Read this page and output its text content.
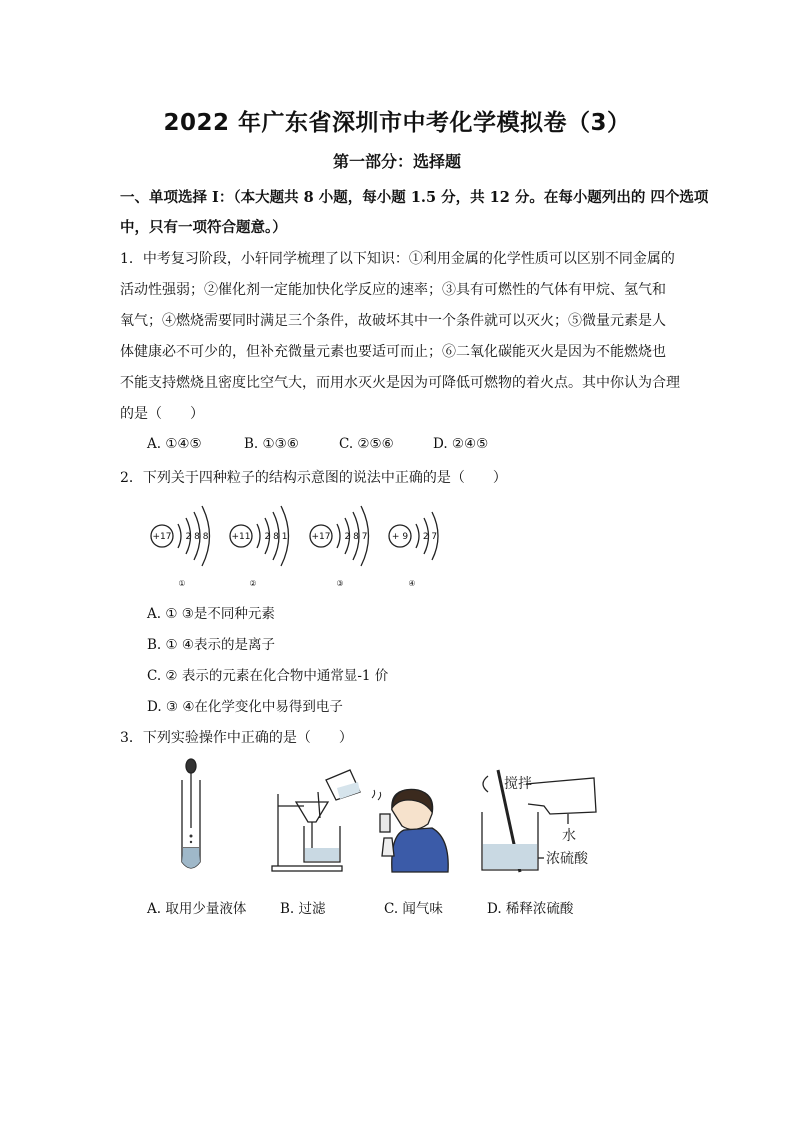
2022 年广东省深圳市中考化学模拟卷（3）
第一部分：选择题
一、单项选择 I：（本大题共 8 小题，每小题 1.5 分，共 12 分。在每小题列出的 四个选项
中，只有一项符合题意。）
1．中考复习阶段，小轩同学梳理了以下知识：①利用金属的化学性质可以区别不同金属的
活动性强弱；②催化剂一定能加快化学反应的速率；③具有可燃性的气体有甲烷、氢气和
氧气；④燃烧需要同时满足三个条件，故破坏其中一个条件就可以灭火；⑤微量元素是人
体健康必不可少的，但补充微量元素也要适可而止；⑥二氧化碳能灭火是因为不能燃烧也
不能支持燃烧且密度比空气大，而用水灭火是因为可降低可燃物的着火点。其中你认为合理
的是（　　）
A. ①④⑤	B. ①③⑥	C. ②⑤⑥	D. ②④⑤
2．下列关于四种粒子的结构示意图的说法中正确的是（　　）
+17 2 8 8
①
+11 2 8 1
②
+17 2 8 7
③
+ 9 2 7
④
A. ① ③是不同种元素
B. ① ④表示的是离子
C. ② 表示的元素在化合物中通常显-1 价
D. ③ ④在化学变化中易得到电子
3．下列实验操作中正确的是（　　）
搅拌
水
浓硫酸
A. 取用少量液体 B. 过滤	C. 闻气味	D. 稀释浓硫酸
